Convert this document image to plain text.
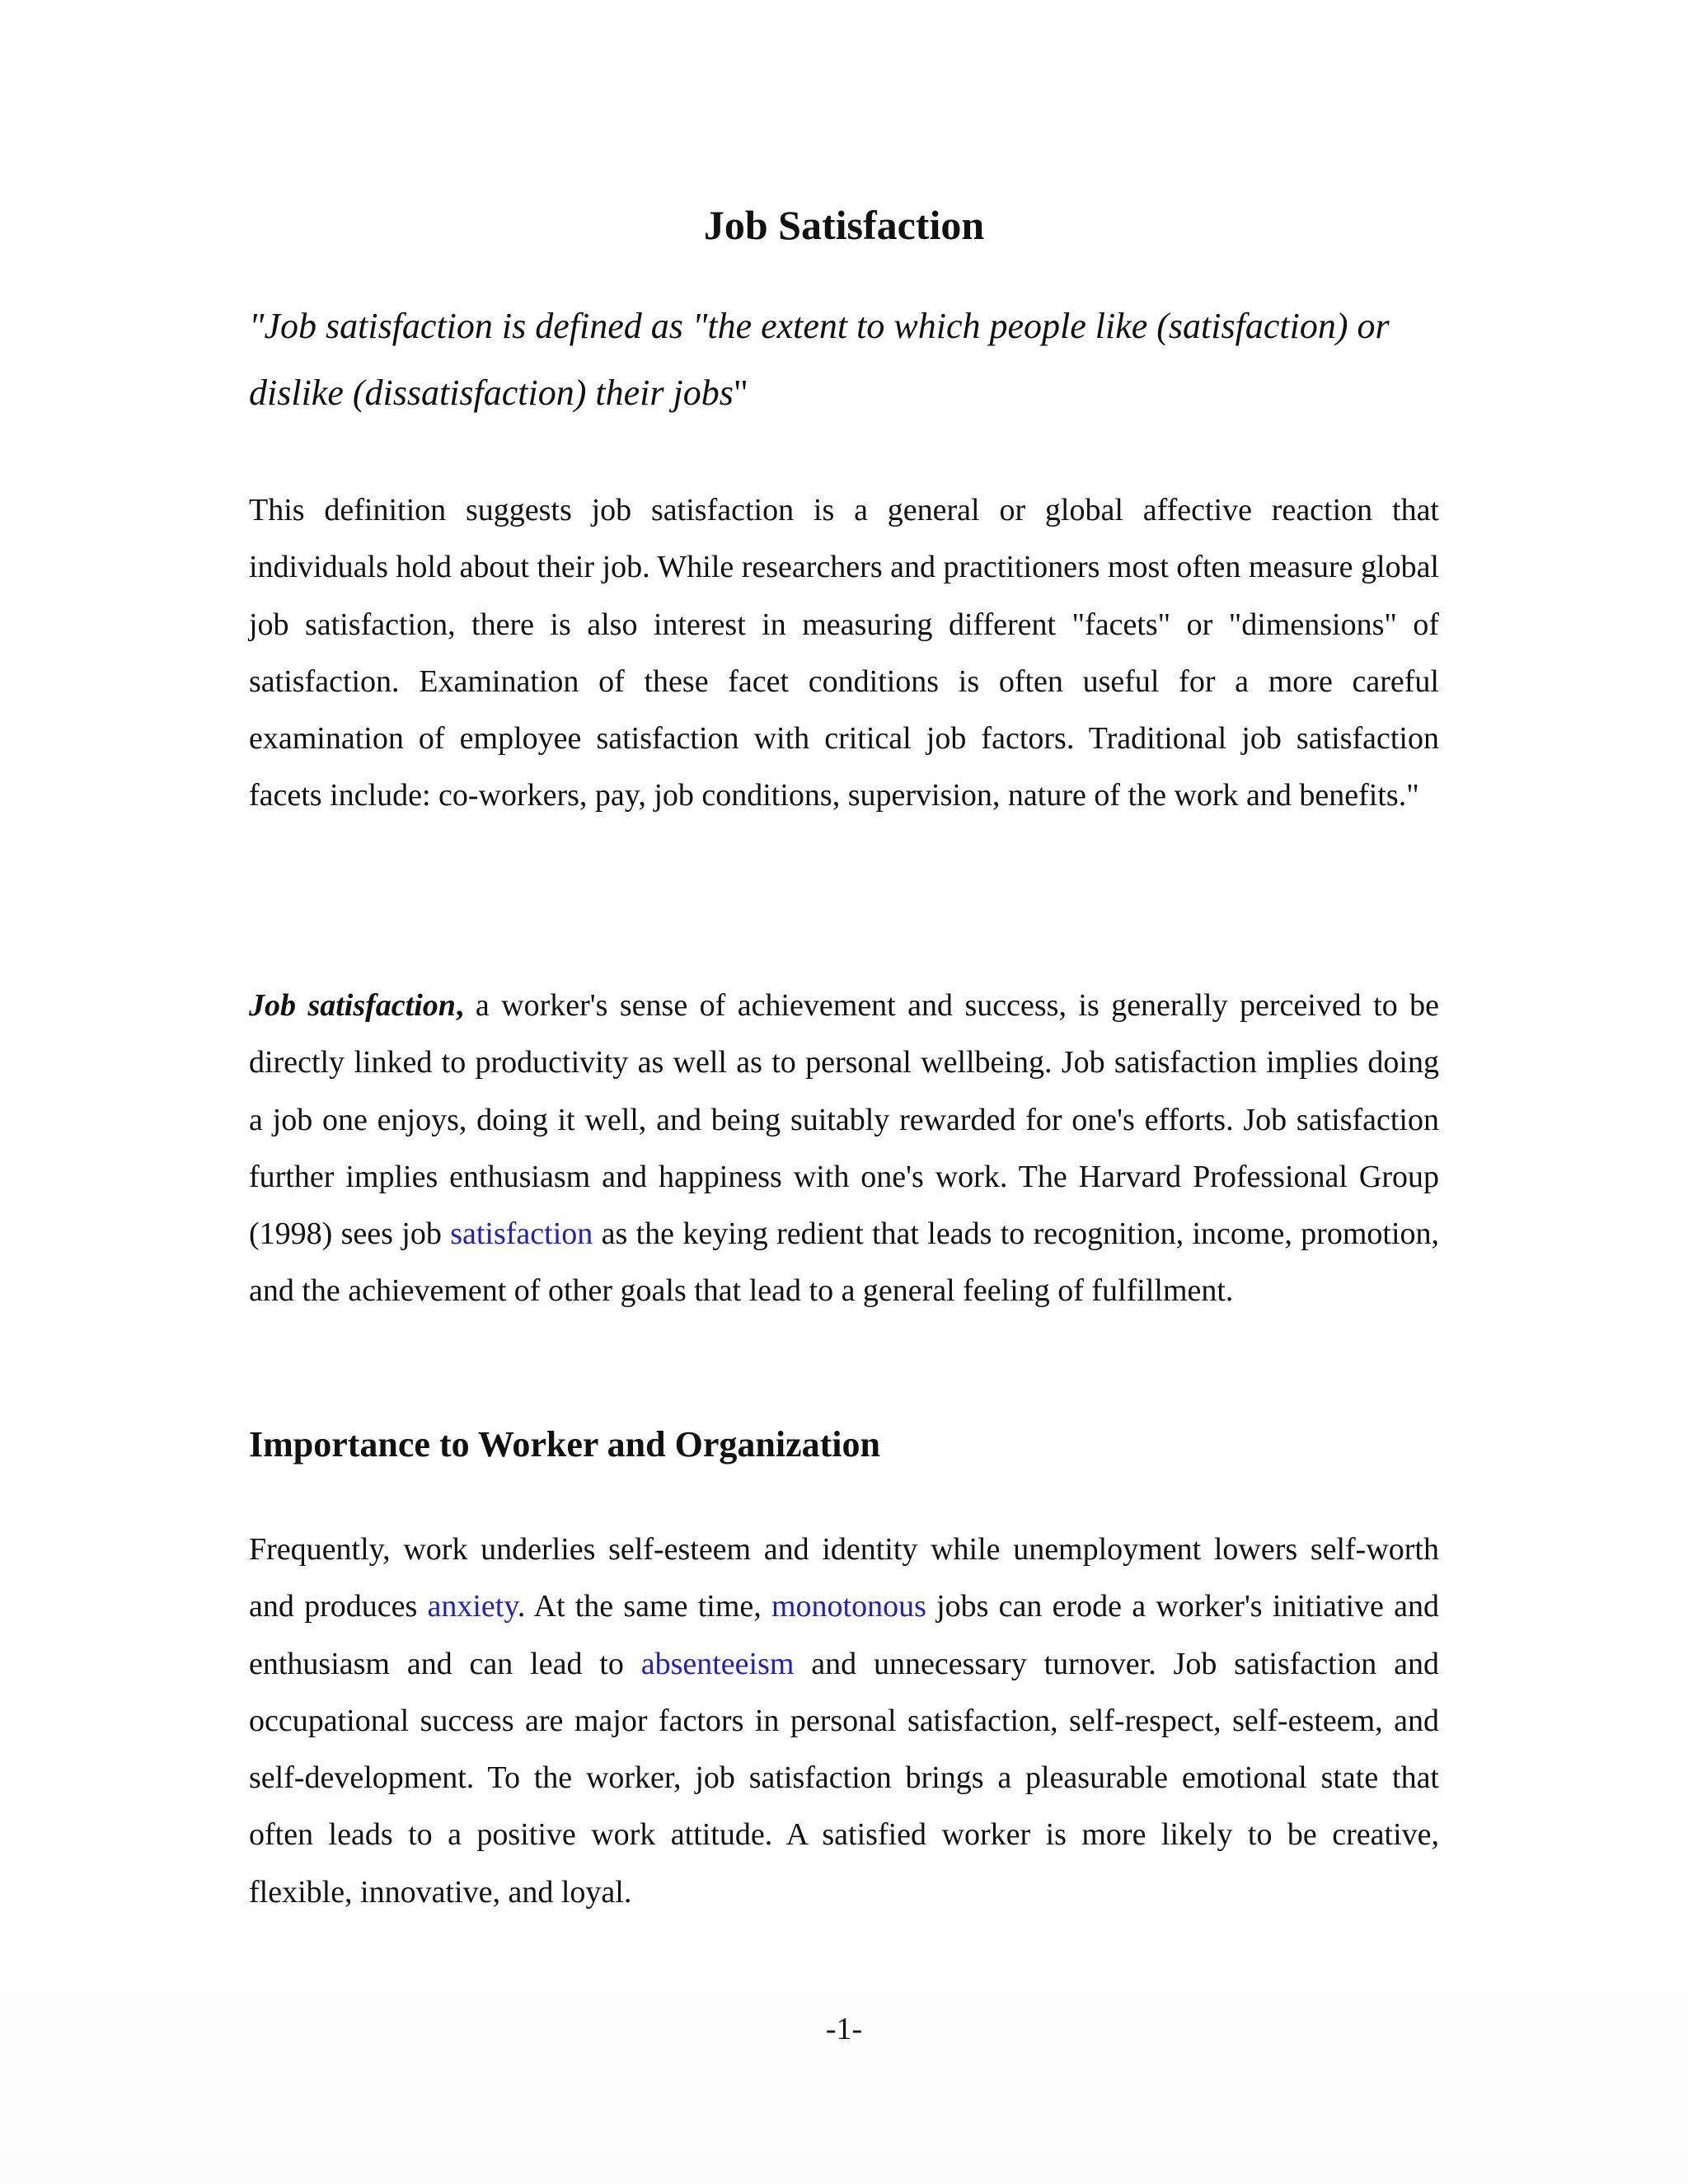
Job Satisfaction

"Job satisfaction is defined as "the extent to which people like (satisfaction) or dislike (dissatisfaction) their jobs"

This definition suggests job satisfaction is a general or global affective reaction that individuals hold about their job. While researchers and practitioners most often measure global job satisfaction, there is also interest in measuring different "facets" or "dimensions" of satisfaction. Examination of these facet conditions is often useful for a more careful examination of employee satisfaction with critical job factors. Traditional job satisfaction facets include: co-workers, pay, job conditions, supervision, nature of the work and benefits."

Job satisfaction, a worker's sense of achievement and success, is generally perceived to be directly linked to productivity as well as to personal wellbeing. Job satisfaction implies doing a job one enjoys, doing it well, and being suitably rewarded for one's efforts. Job satisfaction further implies enthusiasm and happiness with one's work. The Harvard Professional Group (1998) sees job satisfaction as the keying redient that leads to recognition, income, promotion, and the achievement of other goals that lead to a general feeling of fulfillment.

Importance to Worker and Organization

Frequently, work underlies self-esteem and identity while unemployment lowers self-worth and produces anxiety. At the same time, monotonous jobs can erode a worker's initiative and enthusiasm and can lead to absenteeism and unnecessary turnover. Job satisfaction and occupational success are major factors in personal satisfaction, self-respect, self-esteem, and self-development. To the worker, job satisfaction brings a pleasurable emotional state that often leads to a positive work attitude. A satisfied worker is more likely to be creative, flexible, innovative, and loyal.

-1-
